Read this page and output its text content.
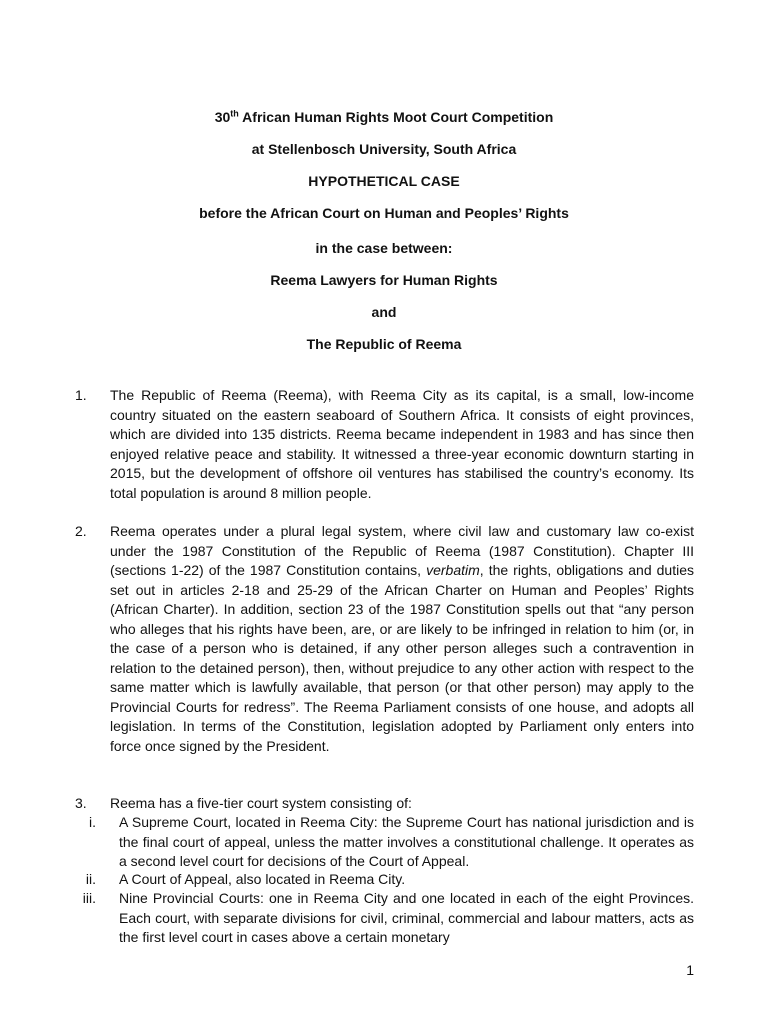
30th African Human Rights Moot Court Competition
at Stellenbosch University, South Africa
HYPOTHETICAL CASE
before the African Court on Human and Peoples’ Rights
in the case between:
Reema Lawyers for Human Rights
and
The Republic of Reema
1. The Republic of Reema (Reema), with Reema City as its capital, is a small, low-income country situated on the eastern seaboard of Southern Africa. It consists of eight provinces, which are divided into 135 districts. Reema became independent in 1983 and has since then enjoyed relative peace and stability. It witnessed a three-year economic downturn starting in 2015, but the development of offshore oil ventures has stabilised the country’s economy. Its total population is around 8 million people.
2. Reema operates under a plural legal system, where civil law and customary law co-exist under the 1987 Constitution of the Republic of Reema (1987 Constitution). Chapter III (sections 1-22) of the 1987 Constitution contains, verbatim, the rights, obligations and duties set out in articles 2-18 and 25-29 of the African Charter on Human and Peoples’ Rights (African Charter). In addition, section 23 of the 1987 Constitution spells out that “any person who alleges that his rights have been, are, or are likely to be infringed in relation to him (or, in the case of a person who is detained, if any other person alleges such a contravention in relation to the detained person), then, without prejudice to any other action with respect to the same matter which is lawfully available, that person (or that other person) may apply to the Provincial Courts for redress”. The Reema Parliament consists of one house, and adopts all legislation. In terms of the Constitution, legislation adopted by Parliament only enters into force once signed by the President.
3. Reema has a five-tier court system consisting of:
i. A Supreme Court, located in Reema City: the Supreme Court has national jurisdiction and is the final court of appeal, unless the matter involves a constitutional challenge. It operates as a second level court for decisions of the Court of Appeal.
ii. A Court of Appeal, also located in Reema City.
iii. Nine Provincial Courts: one in Reema City and one located in each of the eight Provinces. Each court, with separate divisions for civil, criminal, commercial and labour matters, acts as the first level court in cases above a certain monetary
1
